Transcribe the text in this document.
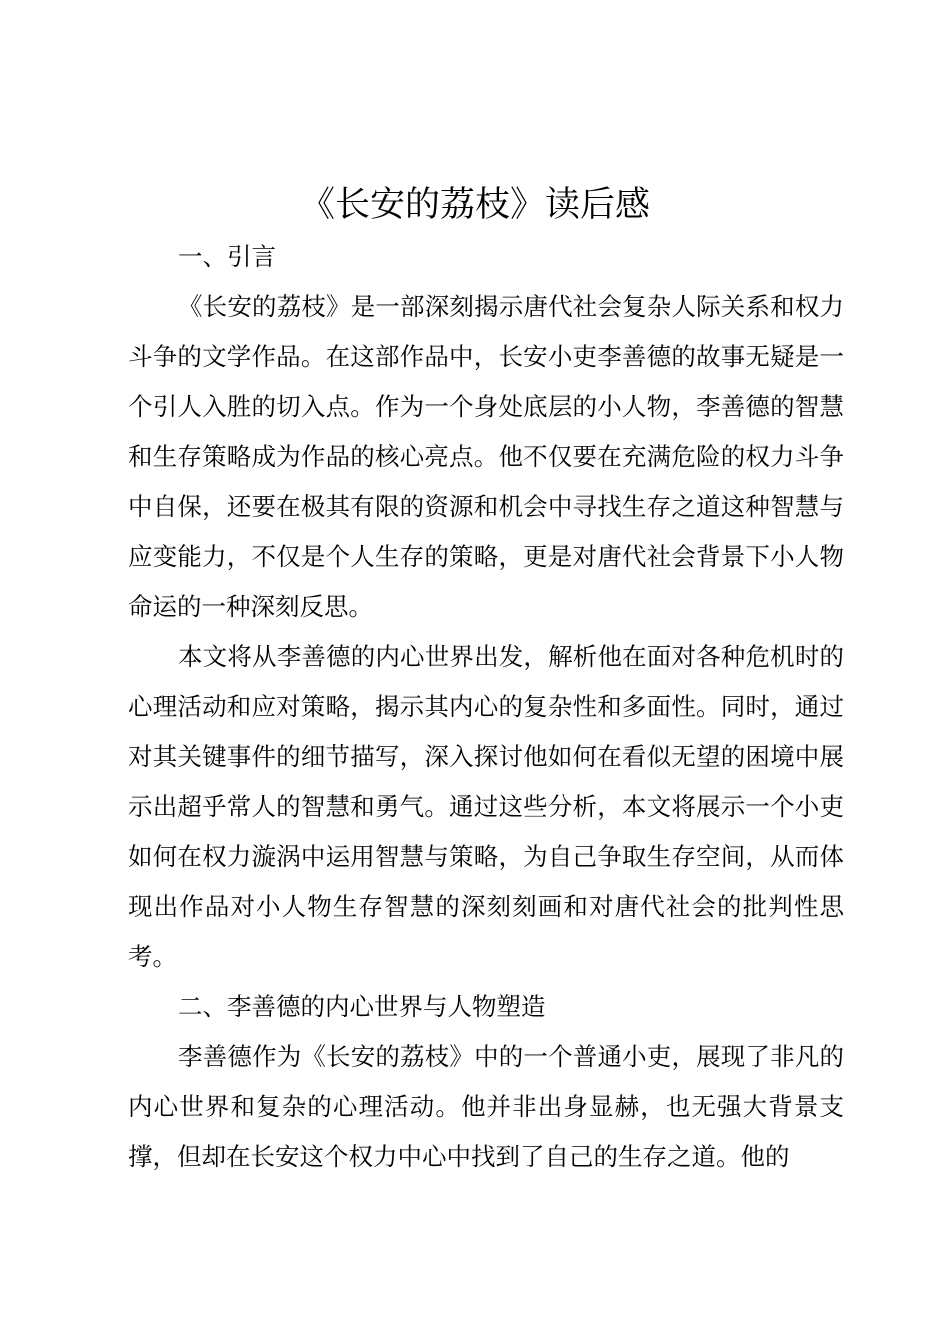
《长安的荔枝》读后感

一、引言

《长安的荔枝》是一部深刻揭示唐代社会复杂人际关系和权力斗争的文学作品。在这部作品中，长安小吏李善德的故事无疑是一个引人入胜的切入点。作为一个身处底层的小人物，李善德的智慧和生存策略成为作品的核心亮点。他不仅要在充满危险的权力斗争中自保，还要在极其有限的资源和机会中寻找生存之道这种智慧与应变能力，不仅是个人生存的策略，更是对唐代社会背景下小人物命运的一种深刻反思。

本文将从李善德的内心世界出发，解析他在面对各种危机时的心理活动和应对策略，揭示其内心的复杂性和多面性。同时，通过对其关键事件的细节描写，深入探讨他如何在看似无望的困境中展示出超乎常人的智慧和勇气。通过这些分析，本文将展示一个小吏如何在权力漩涡中运用智慧与策略，为自己争取生存空间，从而体现出作品对小人物生存智慧的深刻刻画和对唐代社会的批判性思考。

二、李善德的内心世界与人物塑造

李善德作为《长安的荔枝》中的一个普通小吏，展现了非凡的内心世界和复杂的心理活动。他并非出身显赫，也无强大背景支撑，但却在长安这个权力中心中找到了自己的生存之道。他的
